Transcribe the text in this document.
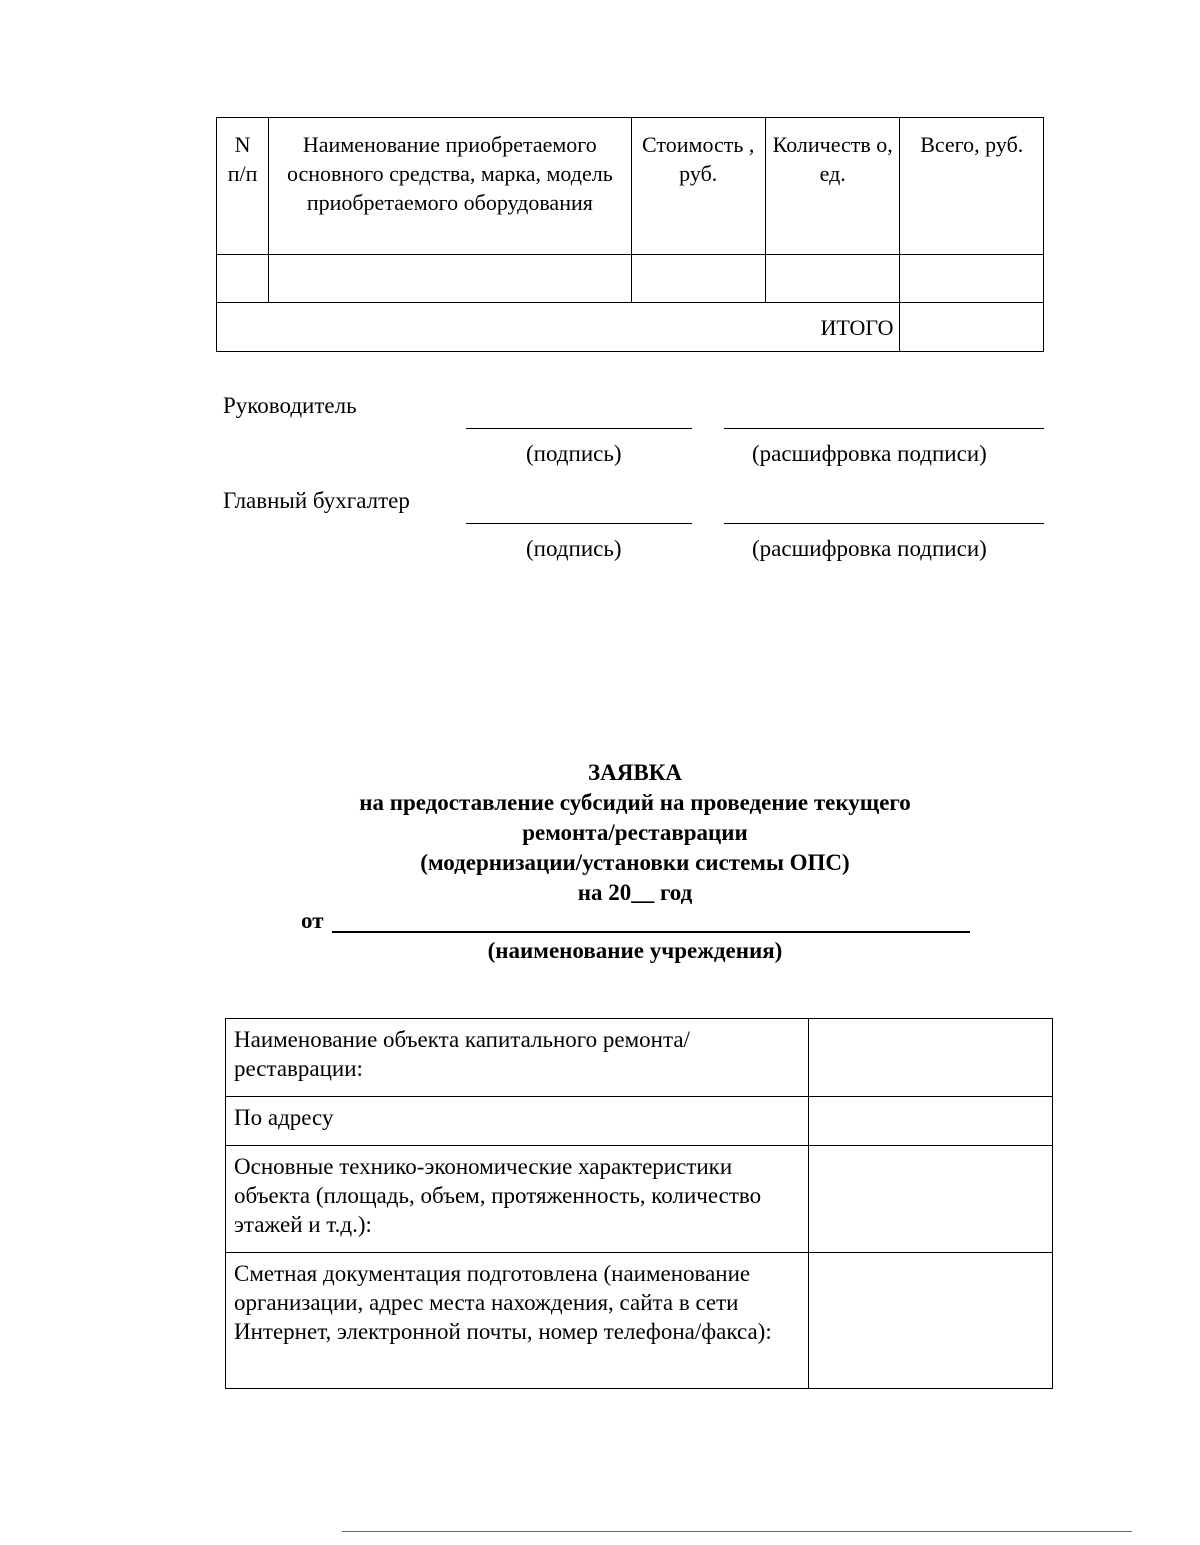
N п/п	Наименование приобретаемого основного средства, марка, модель приобретаемого оборудования	Стоимость , руб.	Количеств о, ед.	Всего, руб.

ИТОГО				
Руководитель
(подпись)	(расшифровка подписи)
Главный бухгалтер
(подпись)	(расшифровка подписи)
ЗАЯВКА
на предоставление субсидий на проведение текущего
ремонта/реставрации
(модернизации/установки системы ОПС)
на 20__ год
от
(наименование учреждения)
Наименование объекта капитального ремонта/реставрации:	
По адресу	
Основные технико-экономические характеристики объекта (площадь, объем, протяженность, количество этажей и т.д.):	
Сметная документация подготовлена (наименование организации, адрес места нахождения, сайта в сети Интернет, электронной почты, номер телефона/факса):	
